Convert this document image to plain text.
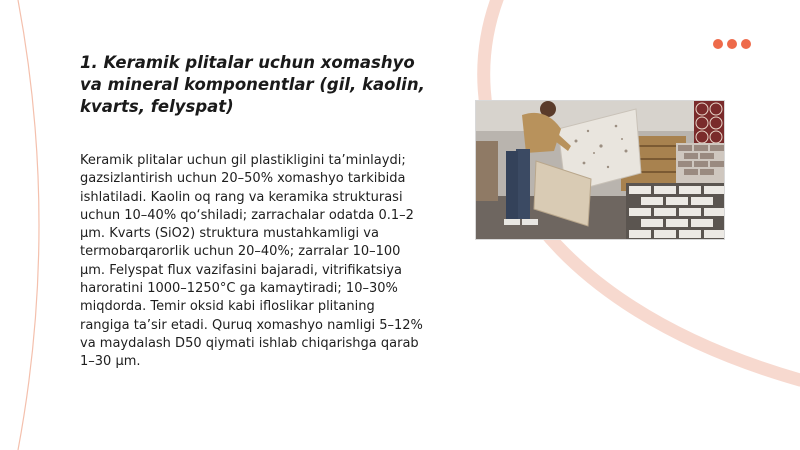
1. Keramik plitalar uchun xomashyo va mineral komponentlar (gil, kaolin, kvarts, felyspat)

Keramik plitalar uchun gil plastikligini ta’minlaydi; gazsizlantirish uchun 20–50% xomashyo tarkibida ishlatiladi. Kaolin oq rang va keramika strukturasi uchun 10–40% qo‘shiladi; zarrachalar odatda 0.1–2 μm. Kvarts (SiO2) struktura mustahkamligi va termobarqarorlik uchun 20–40%; zarralar 10–100 μm. Felyspat flux vazifasini bajaradi, vitrifikatsiya haroratini 1000–1250°C ga kamaytiradi; 10–30% miqdorda. Temir oksid kabi ifloslikar plitaning rangiga ta’sir etadi. Quruq xomashyo namligi 5–12% va maydalash D50 qiymati ishlab chiqarishga qarab 1–30 μm.
